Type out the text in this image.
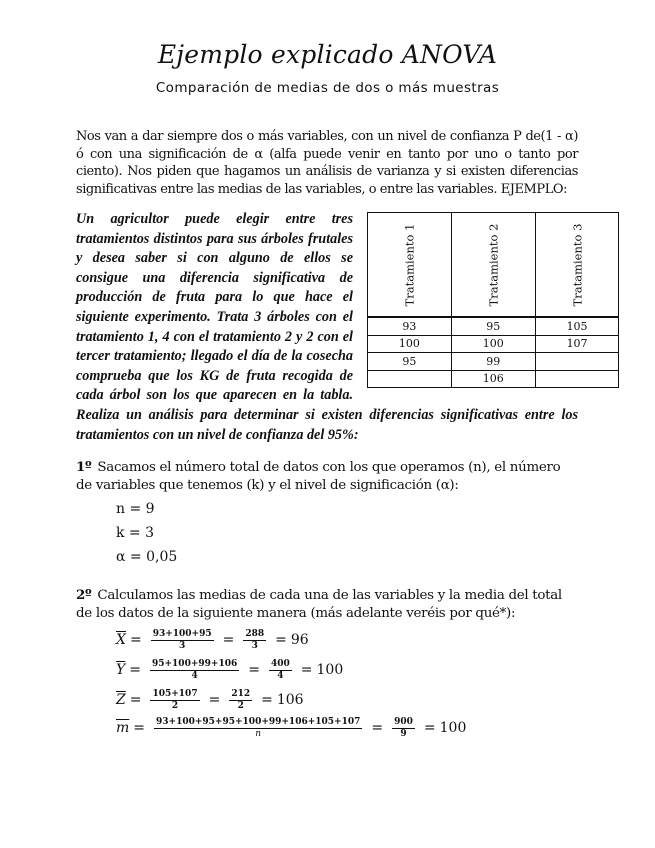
Ejemplo explicado ANOVA
Comparación de medias de dos o más muestras
Nos van a dar siempre dos o más variables, con un nivel de confianza P de(1 - α) ó con una significación de α (alfa puede venir en tanto por uno o tanto por ciento). Nos piden que hagamos un análisis de varianza y si existen diferencias significativas entre las medias de las variables, o entre las variables. EJEMPLO:
Un agricultor puede elegir entre tres tratamientos distintos para sus árboles frutales y desea saber si con alguno de ellos se consigue una diferencia significativa de producción de fruta para lo que hace el siguiente experimento. Trata 3 árboles con el tratamiento 1, 4 con el tratamiento 2 y 2 con el tercer tratamiento; llegado el día de la cosecha comprueba que los KG de fruta recogida de cada árbol son los que aparecen en la tabla. Realiza un análisis para determinar si existen diferencias significativas entre los tratamientos con un nivel de confianza del 95%:
Tratamiento 1	Tratamiento 2	Tratamiento 3
93	95	105
100	100	107
95	99	
	106	
1º Sacamos el número total de datos con los que operamos (n), el número de variables que tenemos (k) y el nivel de significación (α):
n = 9
k = 3
α = 0,05
2º Calculamos las medias de cada una de las variables y la media del total de los datos de la siguiente manera (más adelante veréis por qué*):
$\overline{X} = \frac{93+100+95}{3} = \frac{288}{3} = 96$
$\overline{Y} = \frac{95+100+99+106}{4} = \frac{400}{4} = 100$
$\overline{Z} = \frac{105+107}{2} = \frac{212}{2} = 106$
$\overline{m} = \frac{93+100+95+95+100+99+106+105+107}{n} = \frac{900}{9} = 100$
